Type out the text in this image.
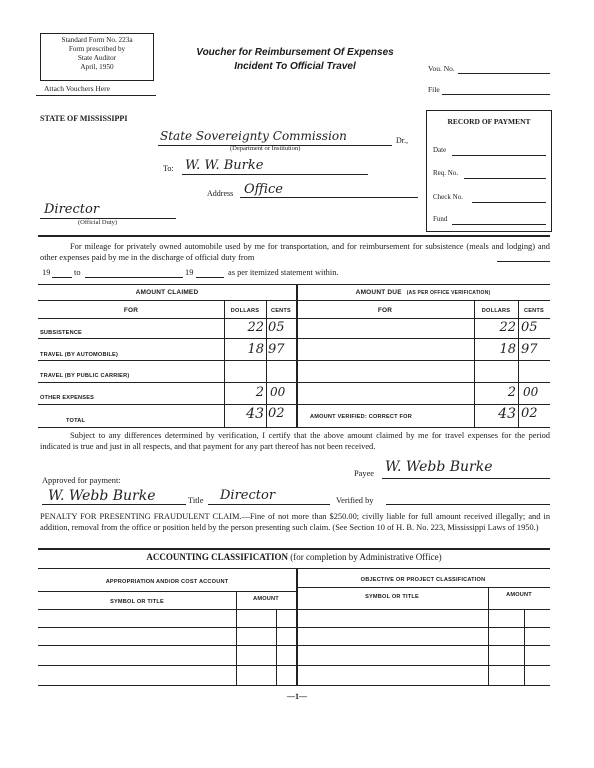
Standard Form No. 223a
Form prescribed by
State Auditor
April, 1950
Attach Vouchers Here
Voucher for Reimbursement Of Expenses
Incident To Official Travel	Vou. No.
File
STATE OF MISSISSIPPI
State Sovereignty Commission	Dr.,
(Department or Institution)
To: W. W. Burke
Address Office
Director
(Official Duty)
RECORD OF PAYMENT
Date
Req. No.
Check No.
Fund
For mileage for privately owned automobile used by me for transportation, and for reimbursement for subsistence (meals and lodging) and other expenses paid by me in the discharge of official duty from
19	to	19	as per itemized statement within.
AMOUNT CLAIMED	AMOUNT DUE (AS PER OFFICE VERIFICATION)
FOR	DOLLARS	CENTS	FOR	DOLLARS	CENTS
SUBSISTENCE	22 05	22 05
TRAVEL (BY AUTOMOBILE)	18 97	18 97
TRAVEL (BY PUBLIC CARRIER)
OTHER EXPENSES	2 00	2 00
TOTAL	43 02	AMOUNT VERIFIED: CORRECT FOR	43 02
Subject to any differences determined by verification, I certify that the above amount claimed by me for travel expenses for the period indicated is true and just in all respects, and that payment for any part thereof has not been received.
Payee W. Webb Burke
Approved for payment:
W. Webb Burke	Title Director	Verified by
PENALTY FOR PRESENTING FRAUDULENT CLAIM.—Fine of not more than $250.00; civilly liable for full amount received illegally; and in addition, removal from the office or position held by the person presenting such claim. (See Section 10 of H. B. No. 223, Mississippi Laws of 1950.)
ACCOUNTING CLASSIFICATION (for completion by Administrative Office)
APPROPRIATION AND/OR COST ACCOUNT	OBJECTIVE OR PROJECT CLASSIFICATION
AMOUNT
AMOUNT
SYMBOL OR TITLE
SYMBOL OR TITLE
—1—
